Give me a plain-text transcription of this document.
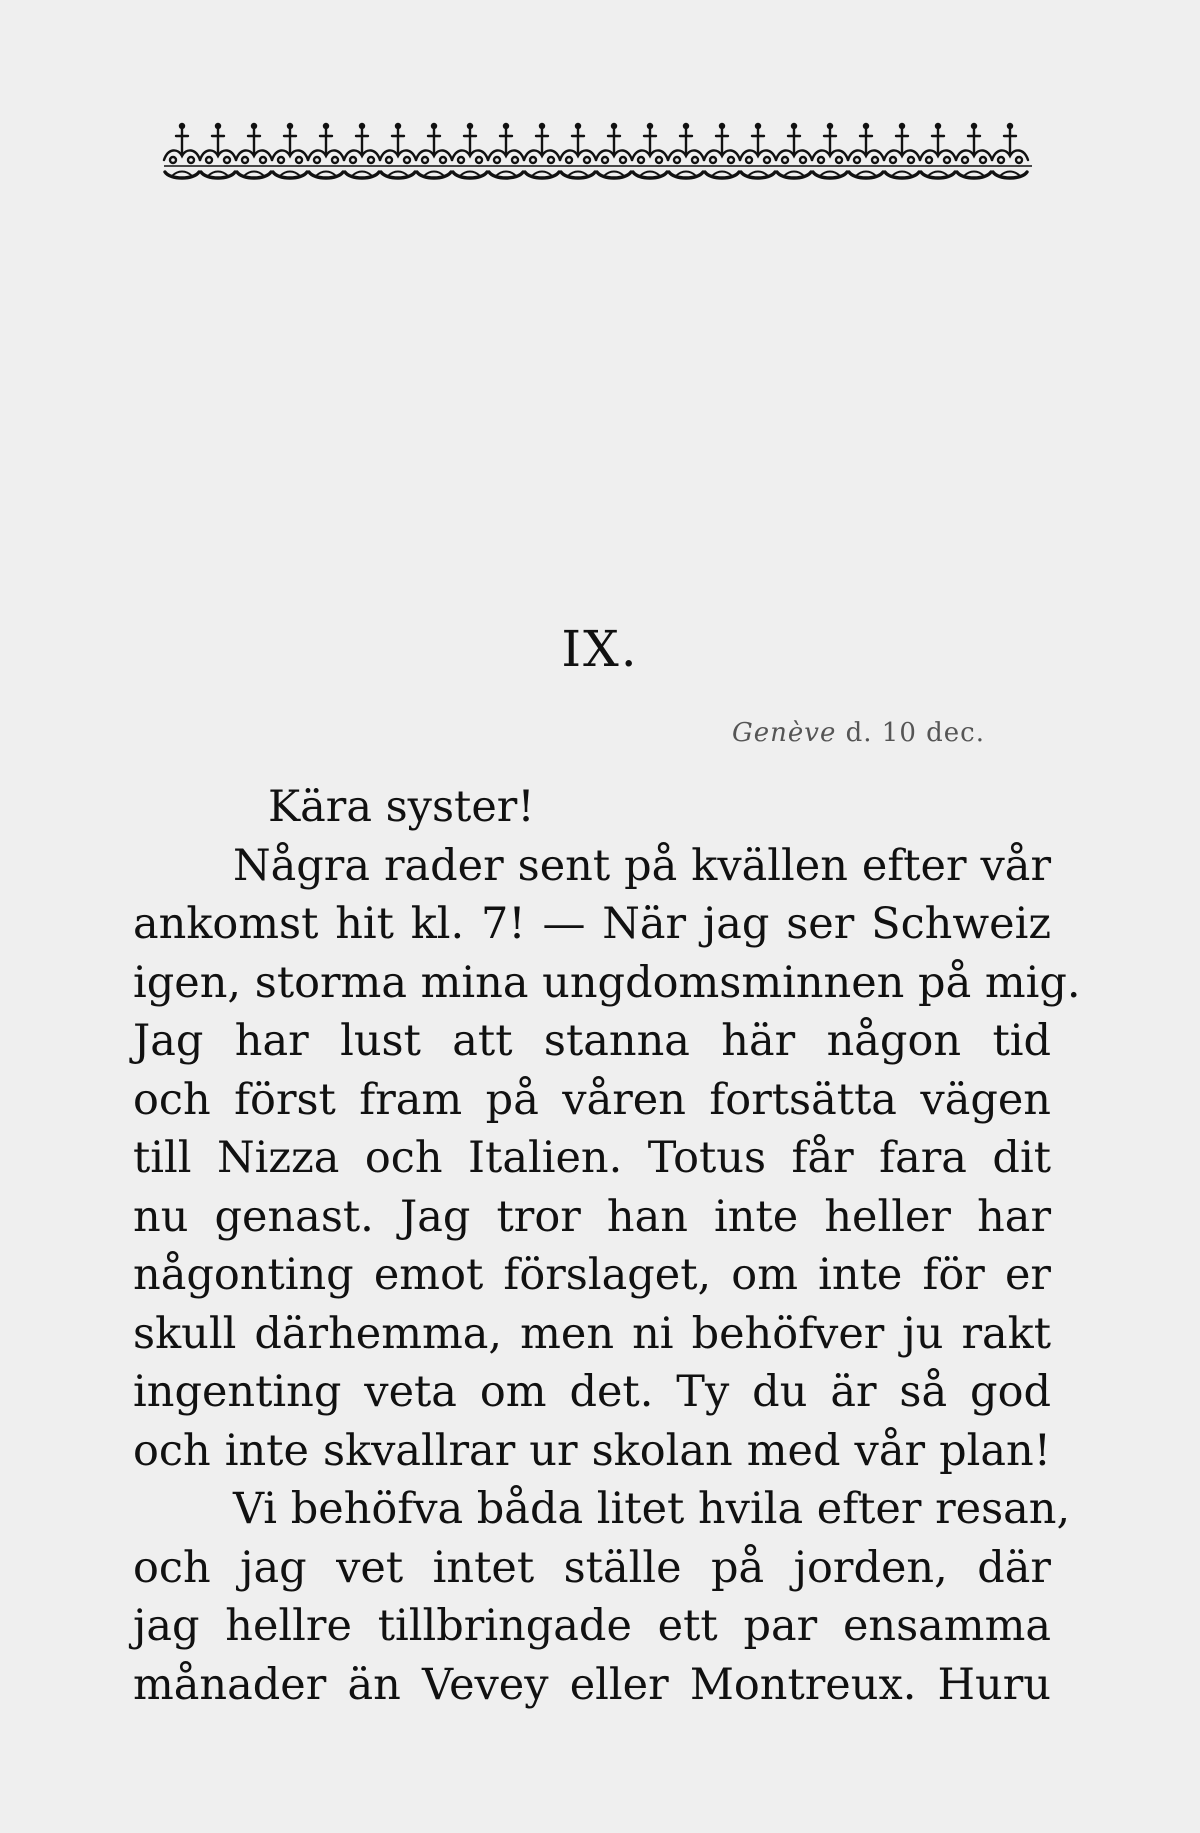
IX.
Genève d. 10 dec.
Kära syster!
Några rader sent på kvällen efter vår
ankomst hit kl. 7! — När jag ser Schweiz
igen, storma mina ungdomsminnen på mig.
Jag har lust att stanna här någon tid
och först fram på våren fortsätta vägen
till Nizza och Italien. Totus får fara dit
nu genast. Jag tror han inte heller har
någonting emot förslaget, om inte för er
skull därhemma, men ni behöfver ju rakt
ingenting veta om det. Ty du är så god
och inte skvallrar ur skolan med vår plan!
Vi behöfva båda litet hvila efter resan,
och jag vet intet ställe på jorden, där
jag hellre tillbringade ett par ensamma
månader än Vevey eller Montreux. Huru
